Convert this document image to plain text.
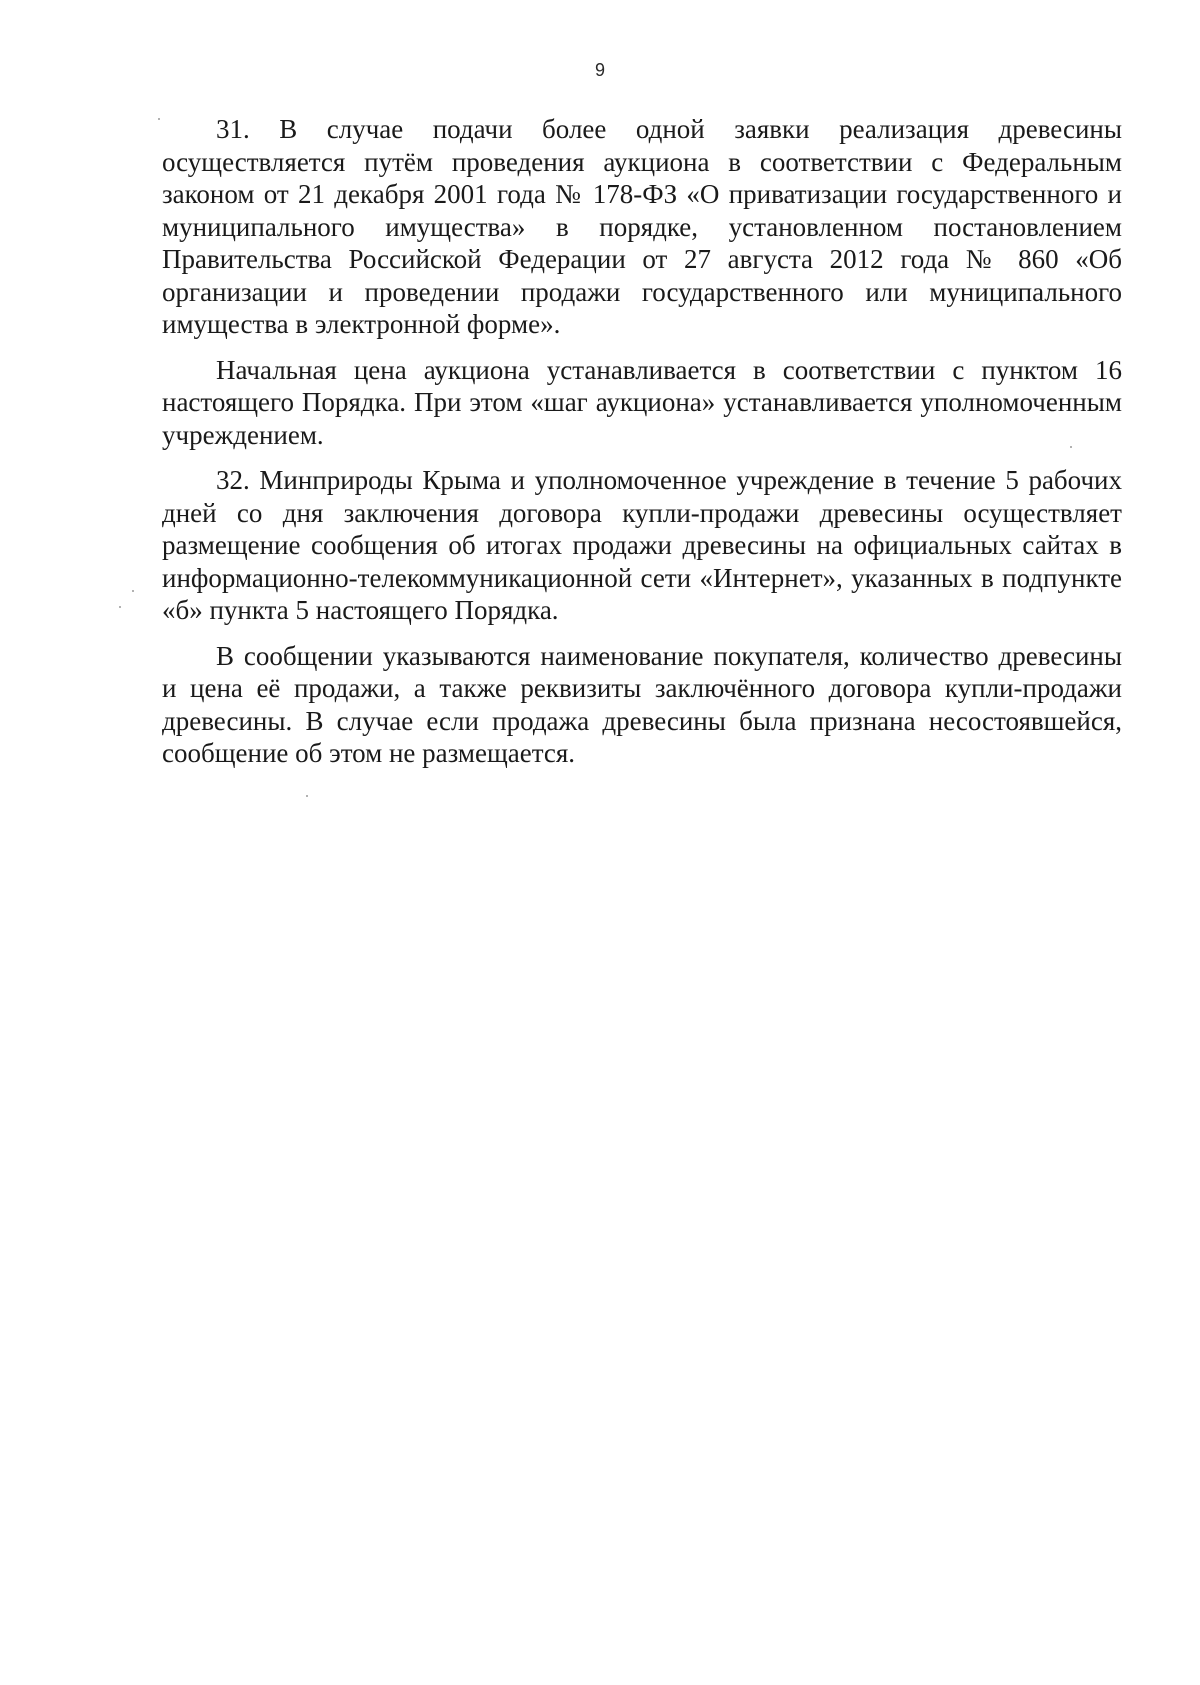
9

31. В случае подачи более одной заявки реализация древесины осуществляется путём проведения аукциона в соответствии с Федеральным законом от 21 декабря 2001 года № 178-ФЗ «О приватизации государственного и муниципального имущества» в порядке, установленном постановлением Правительства Российской Федерации от 27 августа 2012 года № 860 «Об организации и проведении продажи государственного или муниципального имущества в электронной форме».

Начальная цена аукциона устанавливается в соответствии с пунктом 16 настоящего Порядка. При этом «шаг аукциона» устанавливается уполномоченным учреждением.

32. Минприроды Крыма и уполномоченное учреждение в течение 5 рабочих дней со дня заключения договора купли-продажи древесины осуществляет размещение сообщения об итогах продажи древесины на официальных сайтах в информационно-телекоммуникационной сети «Интернет», указанных в подпункте «б» пункта 5 настоящего Порядка.

В сообщении указываются наименование покупателя, количество древесины и цена её продажи, а также реквизиты заключённого договора купли-продажи древесины. В случае если продажа древесины была признана несостоявшейся, сообщение об этом не размещается.
